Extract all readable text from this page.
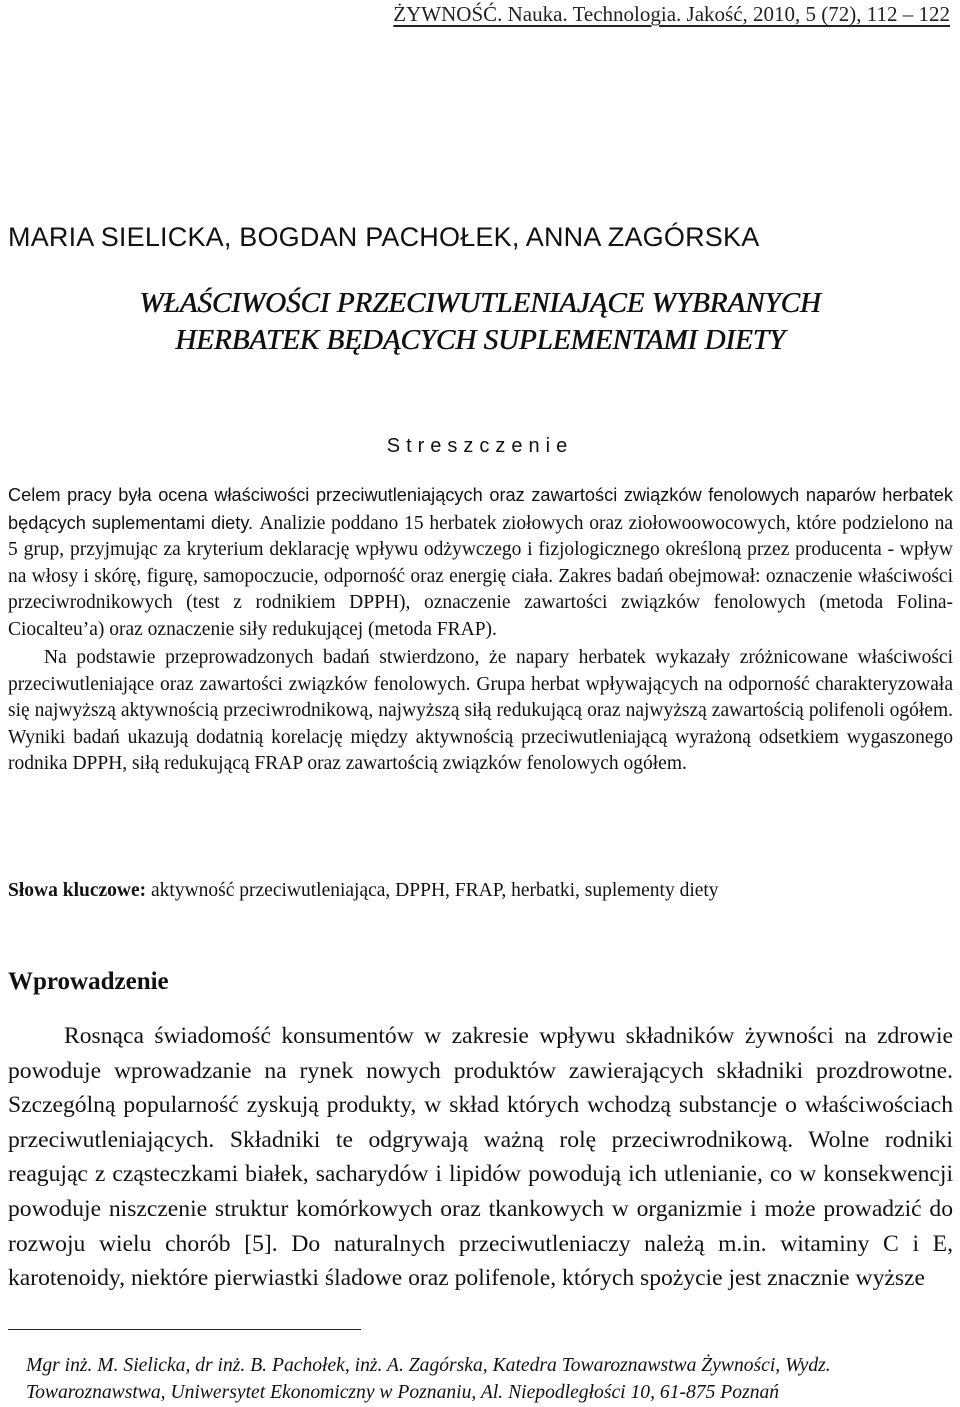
ŻYWNOŚĆ. Nauka. Technologia. Jakość, 2010, 5 (72), 112 – 122
MARIA SIELICKA, BOGDAN PACHOŁEK, ANNA ZAGÓRSKA
WŁAŚCIWOŚCI PRZECIWUTLENIAJĄCE WYBRANYCH
HERBATEK BĘDĄCYCH SUPLEMENTAMI DIETY
Streszczenie

Celem pracy była ocena właściwości przeciwutleniających oraz zawartości związków fenolowych naparów herbatek będących suplementami diety. Analizie poddano 15 herbatek ziołowych oraz ziołowoowocowych, które podzielono na 5 grup, przyjmując za kryterium deklarację wpływu odżywczego i fizjologicznego określoną przez producenta - wpływ na włosy i skórę, figurę, samopoczucie, odporność oraz energię ciała. Zakres badań obejmował: oznaczenie właściwości przeciwrodnikowych (test z rodnikiem DPPH), oznaczenie zawartości związków fenolowych (metoda Folina-Ciocalteu’a) oraz oznaczenie siły redukującej (metoda FRAP).

Na podstawie przeprowadzonych badań stwierdzono, że napary herbatek wykazały zróżnicowane właściwości przeciwutleniające oraz zawartości związków fenolowych. Grupa herbat wpływających na odporność charakteryzowała się najwyższą aktywnością przeciwrodnikową, najwyższą siłą redukującą oraz najwyższą zawartością polifenoli ogółem. Wyniki badań ukazują dodatnią korelację między aktywnością przeciwutleniającą wyrażoną odsetkiem wygaszonego rodnika DPPH, siłą redukującą FRAP oraz zawartością związków fenolowych ogółem.

Słowa kluczowe: aktywność przeciwutleniająca, DPPH, FRAP, herbatki, suplementy diety
Wprowadzenie

Rosnąca świadomość konsumentów w zakresie wpływu składników żywności na zdrowie powoduje wprowadzanie na rynek nowych produktów zawierających składniki prozdrowotne. Szczególną popularność zyskują produkty, w skład których wchodzą substancje o właściwościach przeciwutleniających. Składniki te odgrywają ważną rolę przeciwrodnikową. Wolne rodniki reagując z cząsteczkami białek, sacharydów i lipidów powodują ich utlenianie, co w konsekwencji powoduje niszczenie struktur komórkowych oraz tkankowych w organizmie i może prowadzić do rozwoju wielu chorób [5]. Do naturalnych przeciwutleniaczy należą m.in. witaminy C i E, karotenoidy, niektóre pierwiastki śladowe oraz polifenole, których spożycie jest znacznie wyższe

Mgr inż. M. Sielicka, dr inż. B. Pachołek, inż. A. Zagórska, Katedra Towaroznawstwa Żywności, Wydz.
Towaroznawstwa, Uniwersytet Ekonomiczny w Poznaniu, Al. Niepodległości 10, 61-875 Poznań
